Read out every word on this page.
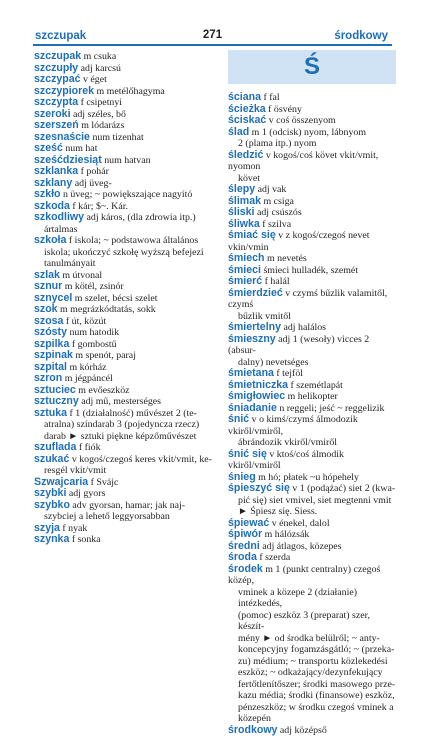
szczupak	271	środkowy
Ś
szczupak m csuka
szczupły adj karcsú
szczypać v éget
szczypiorek m metélőhagyma
szczypta f csipetnyi
szeroki adj széles, bő
szerszeń m lódarázs
szesnaście num tizenhat
sześć num hat
sześćdziesiąt num hatvan
szklanka f pohár
szklany adj üveg-
szkło n üveg; ~ powiększające nagyító
szkoda f kár; $~. Kár.
szkodliwy adj káros, (dla zdrowia itp.)
ártalmas
szkoła f iskola; ~ podstawowa általános
iskola; ukończyć szkołę wyższą befejezi
tanulmányait
szlak m útvonal
sznur m kötél, zsinór
sznycel m szelet, bécsi szelet
szok m megrázkódtatás, sokk
szosa f út, közút
szósty num hatodik
szpilka f gombostű
szpinak m spenót, paraj
szpital m kórház
szron m jégpáncél
sztuciec m evőeszköz
sztuczny adj mű, mesterséges
sztuka f 1 (działalność) művészet 2 (te-
atralna) színdarab 3 (pojedyncza rzecz)
darab ► sztuki piękne képzőművészet
szuflada f fiók
szukać v kogoś/czegoś keres vkit/vmit, ke-
resgél vkit/vmit
Szwajcaria f Svájc
szybki adj gyors
szybko adv gyorsan, hamar; jak naj-
szybciej a lehető leggyorsabban
szyja f nyak
szynka f sonka
ściana f fal
ścieżka f ösvény
ściskać v coś összenyom
ślad m 1 (odcisk) nyom, lábnyom
2 (plama itp.) nyom
śledzić v kogoś/coś követ vkit/vmit, nyomon
követ
ślepy adj vak
ślimak m csiga
śliski adj csúszós
śliwka f szilva
śmiać się v z kogoś/czegoś nevet vkin/vmin
śmiech m nevetés
śmieci śmieci hulladék, szemét
śmierć f halál
śmierdzieć v czymś bűzlik valamitől, czymś
bűzlik vmitől
śmiertelny adj halálos
śmieszny adj 1 (wesoły) vicces 2 (absur-
dalny) nevetséges
śmietana f tejföl
śmietniczka f szemétlapát
śmigłowiec m helikopter
śniadanie n reggeli; jeść ~ reggelizik
śnić v o kimś/czymś álmodozik vkiről/vmiről,
ábrándozik vkiről/vmiről
śnić się v ktoś/coś álmodik vkiről/vmiről
śnieg m hó; płatek ~u hópehely
śpieszyć się v 1 (podążać) siet 2 (kwa-
pić się) siet vmivel, siet megtenni vmit
► Śpiesz się. Siess.
śpiewać v énekel, dalol
śpiwór m hálózsák
średni adj átlagos, közepes
środa f szerda
środek m 1 (punkt centralny) czegoś közép,
vminek a közepe 2 (działanie) intézkedés,
(pomoc) eszköz 3 (preparat) szer, készít-
mény ► od środka belülről; ~ anty-
koncepcyjny fogamzásgátló; ~ (przeka-
zu) médium; ~ transportu közlekedési
eszköz; ~ odkażający/dezynfekujący
fertőtlenítőszer; środki masowego prze-
kazu média; środki (finansowe) eszköz,
pénzeszköz; w środku czegoś vminek a
közepén
środkowy adj középső
